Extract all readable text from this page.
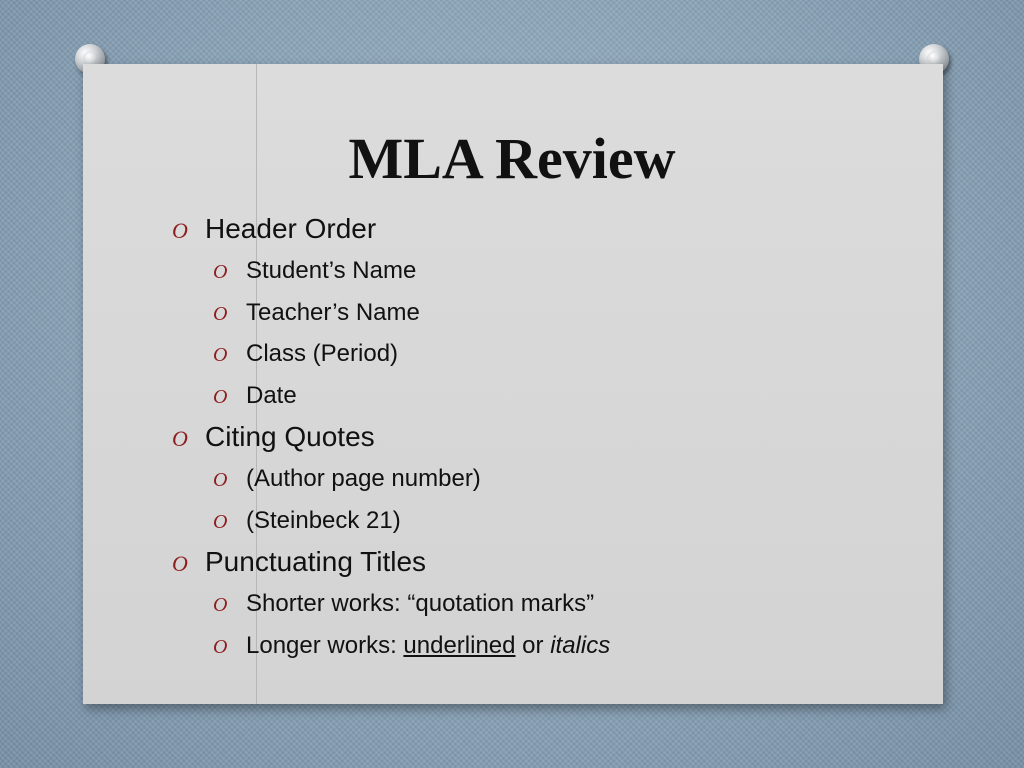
MLA Review
O Header Order
O Student’s Name
O Teacher’s Name
O Class (Period)
O Date
O Citing Quotes
O (Author page number)
O (Steinbeck 21)
O Punctuating Titles
O Shorter works: “quotation marks”
O Longer works: underlined or italics
